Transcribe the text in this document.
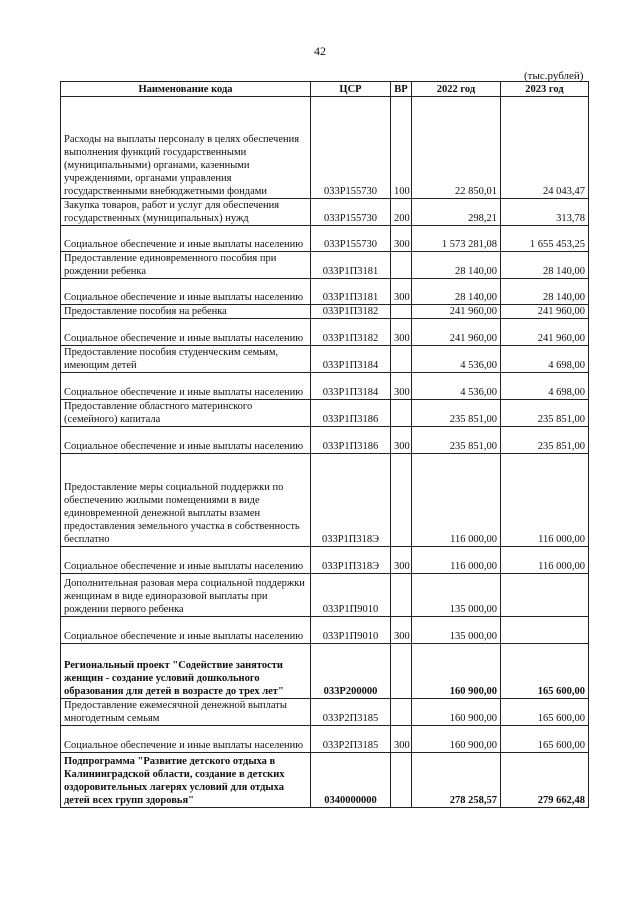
42
(тыс.рублей)
Наименование кода	ЦСР	ВР	2022 год	2023 год
Расходы на выплаты персоналу в целях обеспечения выполнения функций государственными (муниципальными) органами, казенными учреждениями, органами управления государственными внебюджетными фондами	033Р155730	100	22 850,01	24 043,47
Закупка товаров, работ и услуг для обеспечения государственных (муниципальных) нужд	033Р155730	200	298,21	313,78
Социальное обеспечение и иные выплаты населению	033Р155730	300	1 573 281,08	1 655 453,25
Предоставление единовременного пособия при рождении ребенка	033Р1П3181		28 140,00	28 140,00
Социальное обеспечение и иные выплаты населению	033Р1П3181	300	28 140,00	28 140,00
Предоставление пособия на ребенка	033Р1П3182		241 960,00	241 960,00
Социальное обеспечение и иные выплаты населению	033Р1П3182	300	241 960,00	241 960,00
Предоставление пособия студенческим семьям, имеющим детей	033Р1П3184		4 536,00	4 698,00
Социальное обеспечение и иные выплаты населению	033Р1П3184	300	4 536,00	4 698,00
Предоставление областного материнского (семейного) капитала	033Р1П3186		235 851,00	235 851,00
Социальное обеспечение и иные выплаты населению	033Р1П3186	300	235 851,00	235 851,00
Предоставление меры социальной поддержки по обеспечению жилыми помещениями в виде единовременной денежной выплаты взамен предоставления земельного участка в собственность бесплатно	033Р1П318Э		116 000,00	116 000,00
Социальное обеспечение и иные выплаты населению	033Р1П318Э	300	116 000,00	116 000,00
Дополнительная разовая мера социальной поддержки женщинам в виде единоразовой выплаты при рождении первого ребенка	033Р1П9010		135 000,00	
Социальное обеспечение и иные выплаты населению	033Р1П9010	300	135 000,00	
Региональный проект "Содействие занятости женщин - создание условий дошкольного образования для детей в возрасте до трех лет"	033Р200000		160 900,00	165 600,00
Предоставление ежемесячной денежной выплаты многодетным семьям	033Р2П3185		160 900,00	165 600,00
Социальное обеспечение и иные выплаты населению	033Р2П3185	300	160 900,00	165 600,00
Подпрограмма "Развитие детского отдыха в Калининградской области, создание в детских оздоровительных лагерях условий для отдыха детей всех групп здоровья"	0340000000		278 258,57	279 662,48
